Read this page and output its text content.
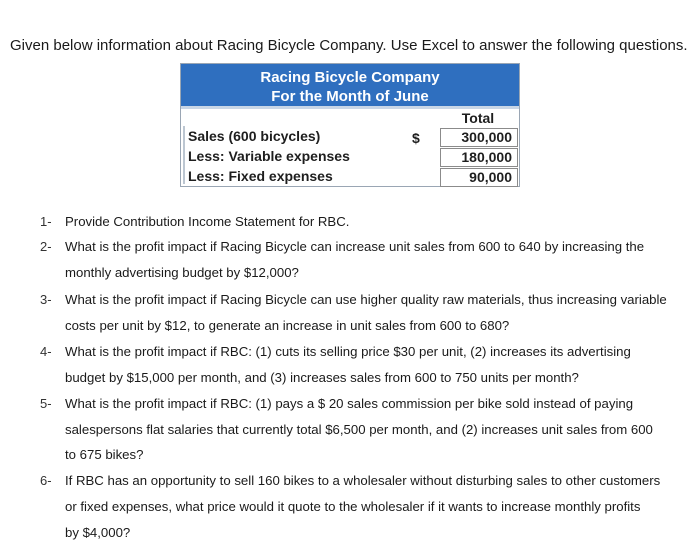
Given below information about Racing Bicycle Company. Use Excel to answer the following questions.
Racing Bicycle Company
For the Month of June
Total
$
Sales (600 bicycles)
Less: Variable expenses
Less: Fixed expenses
300,000
180,000
90,000
1- Provide Contribution Income Statement for RBC.
2- What is the profit impact if Racing Bicycle can increase unit sales from 600 to 640 by increasing the
monthly advertising budget by $12,000?
3- What is the profit impact if Racing Bicycle can use higher quality raw materials, thus increasing variable
costs per unit by $12, to generate an increase in unit sales from 600 to 680?
4- What is the profit impact if RBC: (1) cuts its selling price $30 per unit, (2) increases its advertising
budget by $15,000 per month, and (3) increases sales from 600 to 750 units per month?
5- What is the profit impact if RBC: (1) pays a $ 20 sales commission per bike sold instead of paying
salespersons flat salaries that currently total $6,500 per month, and (2) increases unit sales from 600
to 675 bikes?
6- If RBC has an opportunity to sell 160 bikes to a wholesaler without disturbing sales to other customers
or fixed expenses, what price would it quote to the wholesaler if it wants to increase monthly profits
by $4,000?
